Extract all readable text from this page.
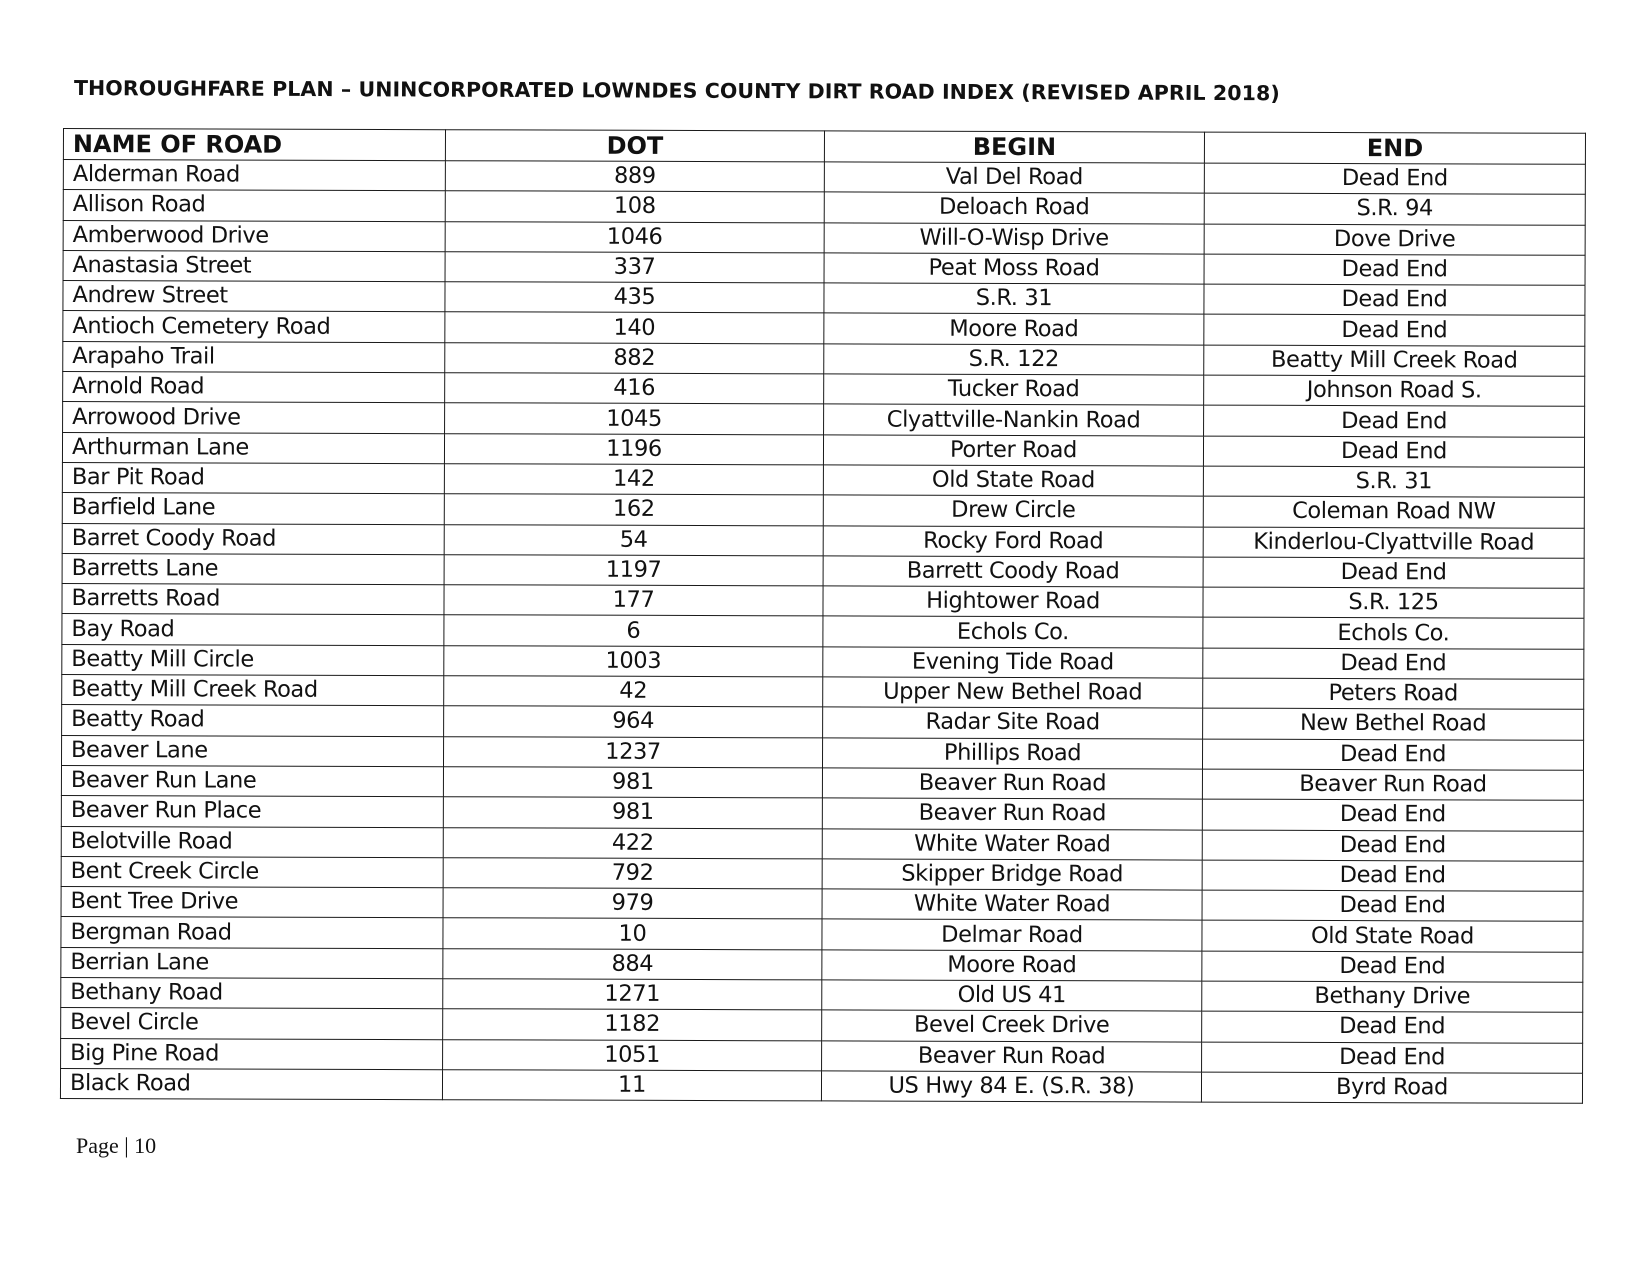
THOROUGHFARE PLAN – UNINCORPORATED LOWNDES COUNTY DIRT ROAD INDEX (REVISED APRIL 2018)
NAME OF ROAD	DOT	BEGIN	END
Alderman Road	889	Val Del Road	Dead End
Allison Road	108	Deloach Road	S.R. 94
Amberwood Drive	1046	Will-O-Wisp Drive	Dove Drive
Anastasia Street	337	Peat Moss Road	Dead End
Andrew Street	435	S.R. 31	Dead End
Antioch Cemetery Road	140	Moore Road	Dead End
Arapaho Trail	882	S.R. 122	Beatty Mill Creek Road
Arnold Road	416	Tucker Road	Johnson Road S.
Arrowood Drive	1045	Clyattville-Nankin Road	Dead End
Arthurman Lane	1196	Porter Road	Dead End
Bar Pit Road	142	Old State Road	S.R. 31
Barfield Lane	162	Drew Circle	Coleman Road NW
Barret Coody Road	54	Rocky Ford Road	Kinderlou-Clyattville Road
Barretts Lane	1197	Barrett Coody Road	Dead End
Barretts Road	177	Hightower Road	S.R. 125
Bay Road	6	Echols Co.	Echols Co.
Beatty Mill Circle	1003	Evening Tide Road	Dead End
Beatty Mill Creek Road	42	Upper New Bethel Road	Peters Road
Beatty Road	964	Radar Site Road	New Bethel Road
Beaver Lane	1237	Phillips Road	Dead End
Beaver Run Lane	981	Beaver Run Road	Beaver Run Road
Beaver Run Place	981	Beaver Run Road	Dead End
Belotville Road	422	White Water Road	Dead End
Bent Creek Circle	792	Skipper Bridge Road	Dead End
Bent Tree Drive	979	White Water Road	Dead End
Bergman Road	10	Delmar Road	Old State Road
Berrian Lane	884	Moore Road	Dead End
Bethany Road	1271	Old US 41	Bethany Drive
Bevel Circle	1182	Bevel Creek Drive	Dead End
Big Pine Road	1051	Beaver Run Road	Dead End
Black Road	11	US Hwy 84 E. (S.R. 38)	Byrd Road
Page | 10
